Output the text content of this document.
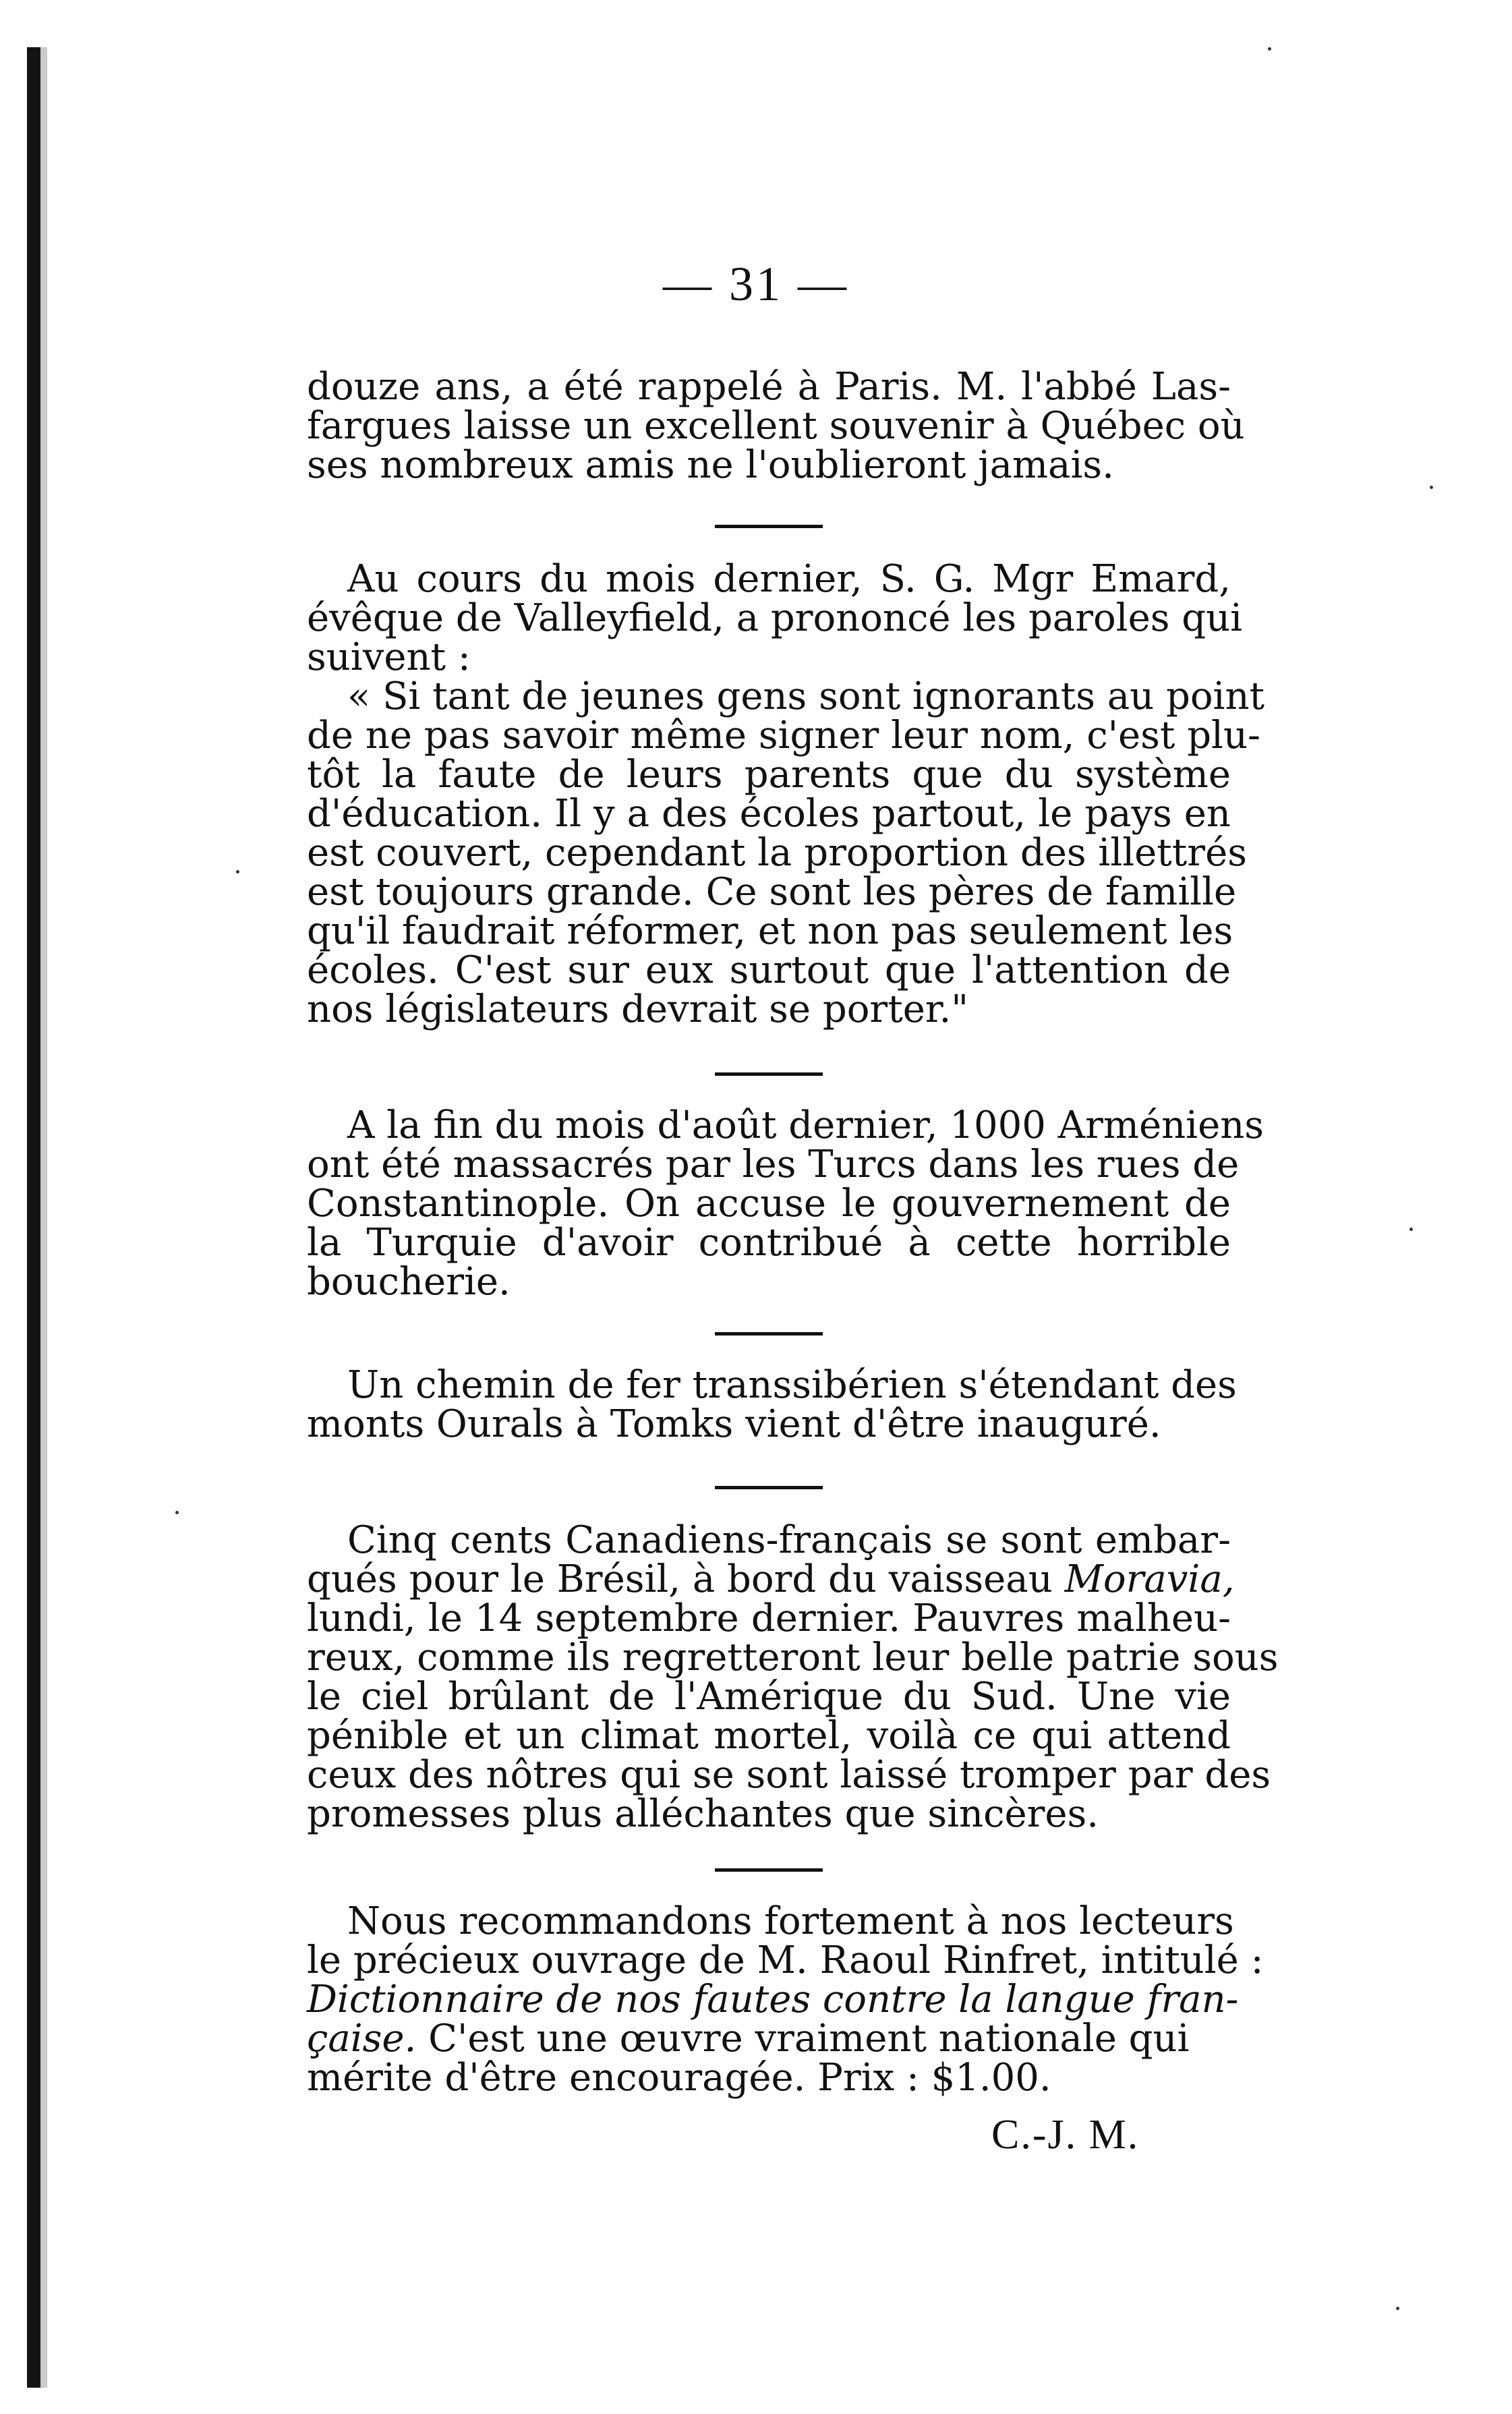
— 31 —
douze ans, a été rappelé à Paris. M. l'abbé Las-
fargues laisse un excellent souvenir à Québec où
ses nombreux amis ne l'oublieront jamais.
Au cours du mois dernier, S. G. Mgr Emard,
évêque de Valleyfield, a prononcé les paroles qui
suivent :
« Si tant de jeunes gens sont ignorants au point
de ne pas savoir même signer leur nom, c'est plu-
tôt la faute de leurs parents que du système
d'éducation. Il y a des écoles partout, le pays en
est couvert, cependant la proportion des illettrés
est toujours grande. Ce sont les pères de famille
qu'il faudrait réformer, et non pas seulement les
écoles. C'est sur eux surtout que l'attention de
nos législateurs devrait se porter."
A la fin du mois d'août dernier, 1000 Arméniens
ont été massacrés par les Turcs dans les rues de
Constantinople. On accuse le gouvernement de
la Turquie d'avoir contribué à cette horrible
boucherie.
Un chemin de fer transsibérien s'étendant des
monts Ourals à Tomks vient d'être inauguré.
Cinq cents Canadiens-français se sont embar-
qués pour le Brésil, à bord du vaisseau Moravia,
lundi, le 14 septembre dernier. Pauvres malheu-
reux, comme ils regretteront leur belle patrie sous
le ciel brûlant de l'Amérique du Sud. Une vie
pénible et un climat mortel, voilà ce qui attend
ceux des nôtres qui se sont laissé tromper par des
promesses plus alléchantes que sincères.
Nous recommandons fortement à nos lecteurs
le précieux ouvrage de M. Raoul Rinfret, intitulé :
Dictionnaire de nos fautes contre la langue fran-
çaise. C'est une œuvre vraiment nationale qui
mérite d'être encouragée. Prix : $1.00.
C.-J. M.
